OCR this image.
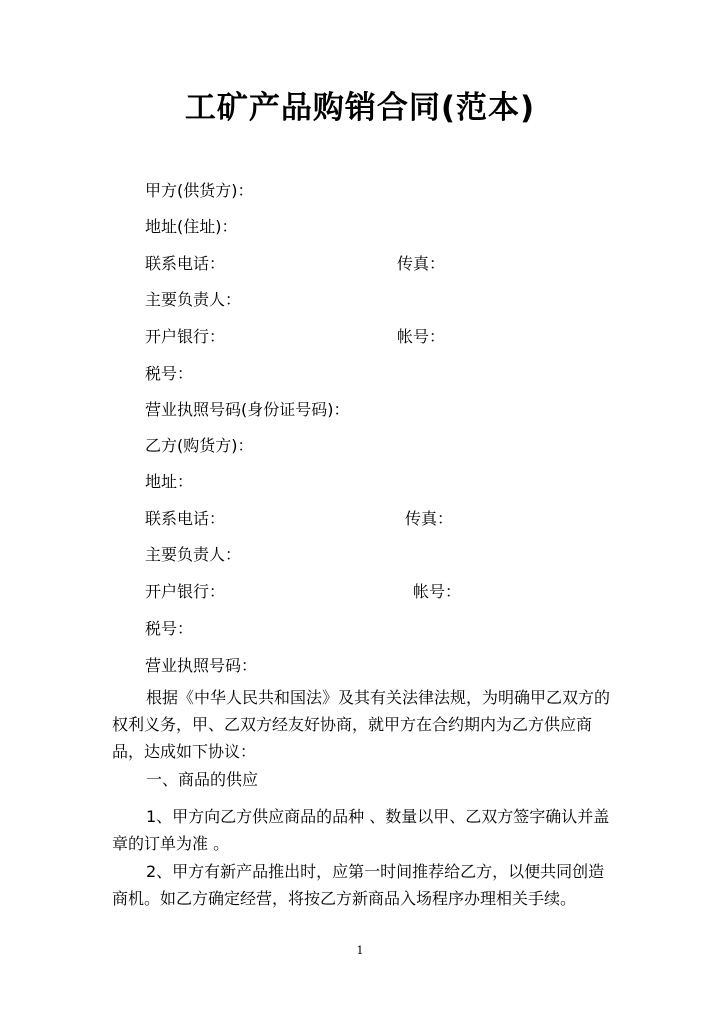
工矿产品购销合同(范本)
甲方(供货方)：
地址(住址)：
联系电话：	传真：
主要负责人：
开户银行：	帐号：
税号：
营业执照号码(身份证号码)：
乙方(购货方)：
地址：
联系电话：	传真：
主要负责人：
开户银行：	帐号：
税号：
营业执照号码：
根据《中华人民共和国法》及其有关法律法规，为明确甲乙双方的权利义务，甲、乙双方经友好协商，就甲方在合约期内为乙方供应商品，达成如下协议：
一、商品的供应
1、甲方向乙方供应商品的品种 、数量以甲、乙双方签字确认并盖章的订单为准 。
2、甲方有新产品推出时，应第一时间推荐给乙方，以便共同创造商机。如乙方确定经营，将按乙方新商品入场程序办理相关手续。
1
